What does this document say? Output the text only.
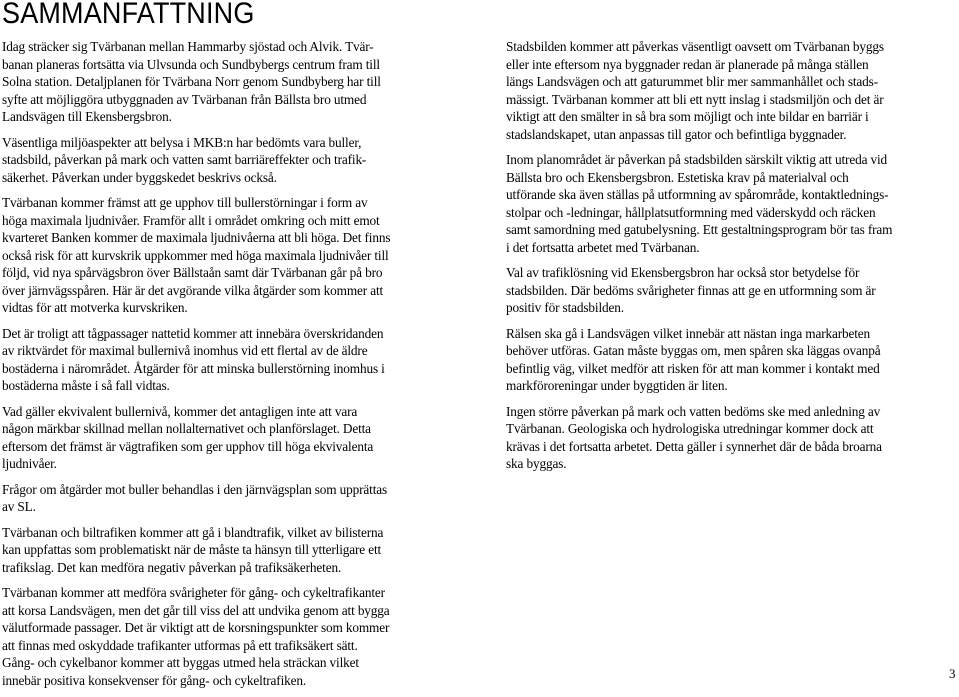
SAMMANFATTNING

Idag sträcker sig Tvärbanan mellan Hammarby sjöstad och Alvik. Tvär-
banan planeras fortsätta via Ulvsunda och Sundbybergs centrum fram till
Solna station. Detaljplanen för Tvärbana Norr genom Sundbyberg har till
syfte att möjliggöra utbyggnaden av Tvärbanan från Bällsta bro utmed
Landsvägen till Ekensbergsbron.

Väsentliga miljöaspekter att belysa i MKB:n har bedömts vara buller,
stadsbild, påverkan på mark och vatten samt barriäreffekter och trafik-
säkerhet. Påverkan under byggskedet beskrivs också.

Tvärbanan kommer främst att ge upphov till bullerstörningar i form av
höga maximala ljudnivåer. Framför allt i området omkring och mitt emot
kvarteret Banken kommer de maximala ljudnivåerna att bli höga. Det finns
också risk för att kurvskrik uppkommer med höga maximala ljudnivåer till
följd, vid nya spårvägsbron över Bällstaån samt där Tvärbanan går på bro
över järnvägsspåren. Här är det avgörande vilka åtgärder som kommer att
vidtas för att motverka kurvskriken.

Det är troligt att tågpassager nattetid kommer att innebära överskridanden
av riktvärdet för maximal bullernivå inomhus vid ett flertal av de äldre
bostäderna i närområdet. Åtgärder för att minska bullerstörning inomhus i
bostäderna måste i så fall vidtas.

Vad gäller ekvivalent bullernivå, kommer det antagligen inte att vara
någon märkbar skillnad mellan nollalternativet och planförslaget. Detta
eftersom det främst är vägtrafiken som ger upphov till höga ekvivalenta
ljudnivåer.

Frågor om åtgärder mot buller behandlas i den järnvägsplan som upprättas
av SL.

Tvärbanan och biltrafiken kommer att gå i blandtrafik, vilket av bilisterna
kan uppfattas som problematiskt när de måste ta hänsyn till ytterligare ett
trafikslag. Det kan medföra negativ påverkan på trafiksäkerheten.

Tvärbanan kommer att medföra svårigheter för gång- och cykeltrafikanter
att korsa Landsvägen, men det går till viss del att undvika genom att bygga
välutformade passager. Det är viktigt att de korsningspunkter som kommer
att finnas med oskyddade trafikanter utformas på ett trafiksäkert sätt.
Gång- och cykelbanor kommer att byggas utmed hela sträckan vilket
innebär positiva konsekvenser för gång- och cykeltrafiken.

Stadsbilden kommer att påverkas väsentligt oavsett om Tvärbanan byggs
eller inte eftersom nya byggnader redan är planerade på många ställen
längs Landsvägen och att gaturummet blir mer sammanhållet och stads-
mässigt. Tvärbanan kommer att bli ett nytt inslag i stadsmiljön och det är
viktigt att den smälter in så bra som möjligt och inte bildar en barriär i
stadslandskapet, utan anpassas till gator och befintliga byggnader.

Inom planområdet är påverkan på stadsbilden särskilt viktig att utreda vid
Bällsta bro och Ekensbergsbron. Estetiska krav på materialval och
utförande ska även ställas på utformning av spårområde, kontaktlednings-
stolpar och -ledningar, hållplatsutformning med väderskydd och räcken
samt samordning med gatubelysning. Ett gestaltningsprogram bör tas fram
i det fortsatta arbetet med Tvärbanan.

Val av trafiklösning vid Ekensbergsbron har också stor betydelse för
stadsbilden. Där bedöms svårigheter finnas att ge en utformning som är
positiv för stadsbilden.

Rälsen ska gå i Landsvägen vilket innebär att nästan inga markarbeten
behöver utföras. Gatan måste byggas om, men spåren ska läggas ovanpå
befintlig väg, vilket medför att risken för att man kommer i kontakt med
markföroreningar under byggtiden är liten.

Ingen större påverkan på mark och vatten bedöms ske med anledning av
Tvärbanan. Geologiska och hydrologiska utredningar kommer dock att
krävas i det fortsatta arbetet. Detta gäller i synnerhet där de båda broarna
ska byggas.

3
